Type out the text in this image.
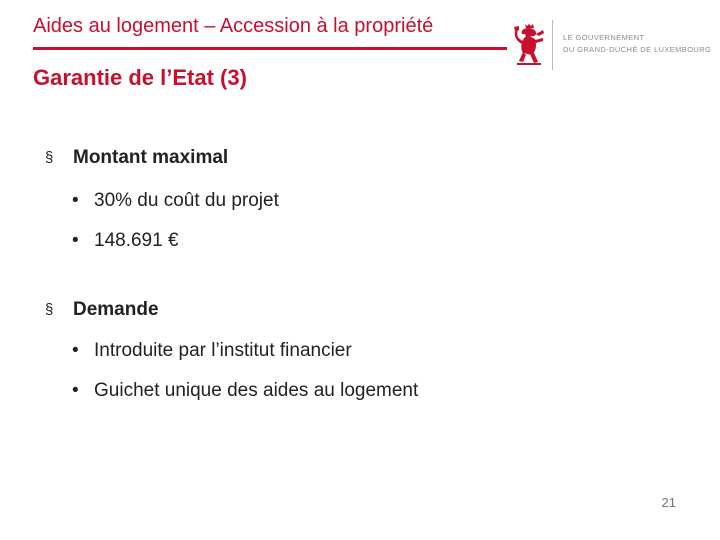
Aides au logement – Accession à la propriété
LE GOUVERNEMENT
DU GRAND-DUCHÉ DE LUXEMBOURG
Garantie de l’Etat (3)
§ Montant maximal
• 30% du coût du projet
• 148.691 €
§ Demande
• Introduite par l’institut financier
• Guichet unique des aides au logement
21
